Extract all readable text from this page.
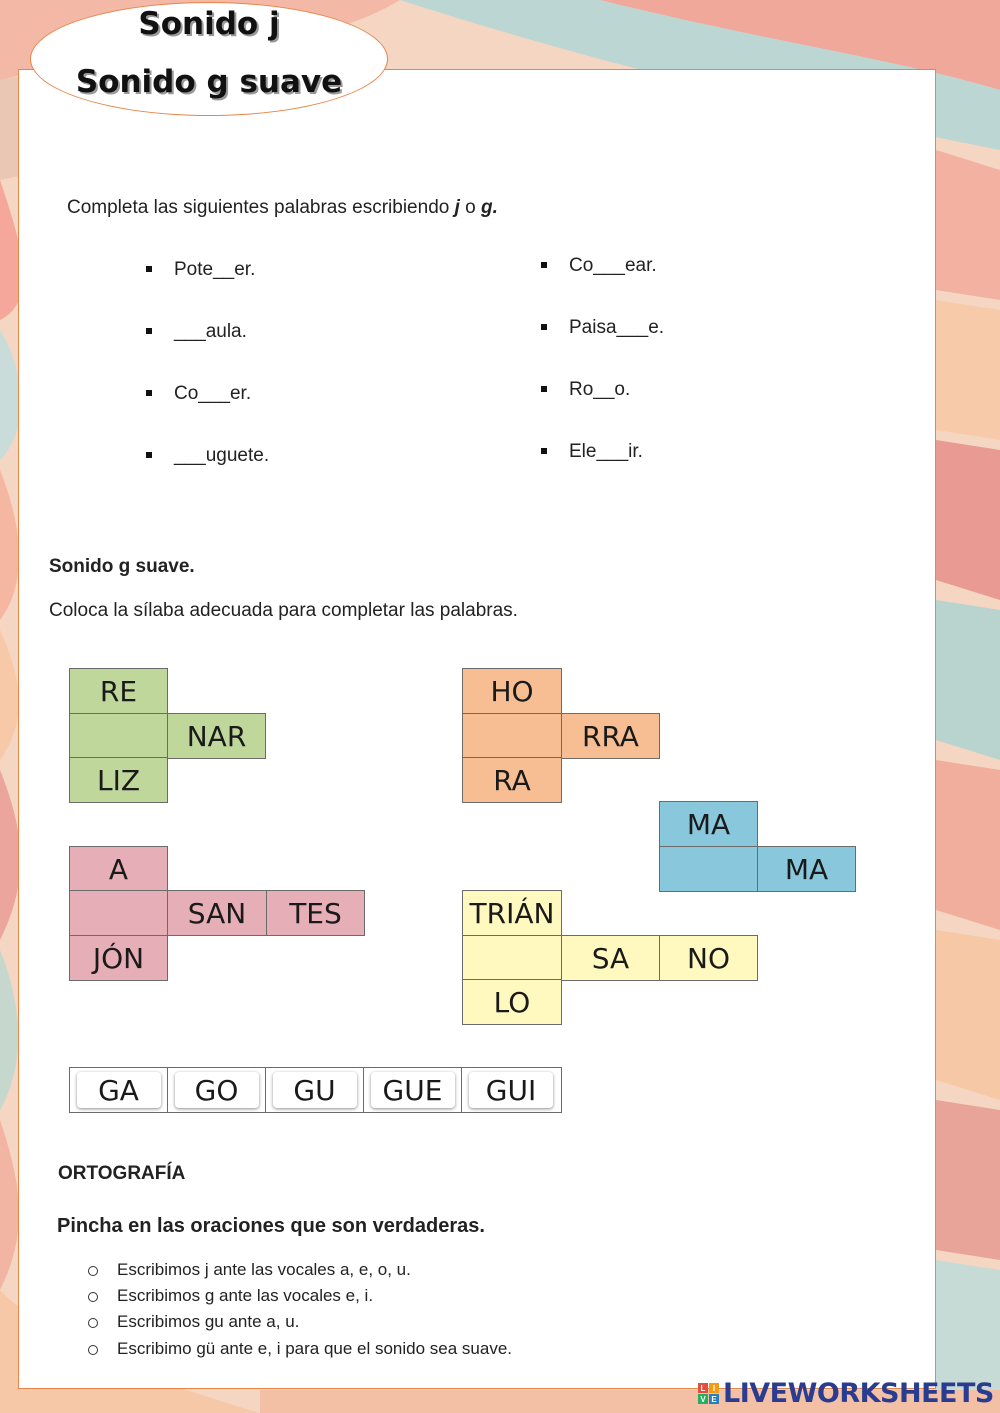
Sonido j
Sonido g suave
Completa las siguientes palabras escribiendo j o g.
Pote__er.
___aula.
Co___er.
___uguete.
Co___ear.
Paisa___e.
Ro__o.
Ele___ir.
Sonido g suave.
Coloca la sílaba adecuada para completar las palabras.
RE
NAR
LIZ
HO
RRA
RA
MA
MA
A
SAN	TES
JÓN
TRIÁN
SA	NO
LO
GA	GO	GU	GUE	GUI
ORTOGRAFÍA
Pincha en las oraciones que son verdaderas.
Escribimos j ante las vocales a, e, o, u.
Escribimos g ante las vocales e, i.
Escribimos gu ante a, u.
Escribimo gü ante e, i para que el sonido sea suave.
L I
V E LIVEWORKSHEETS
